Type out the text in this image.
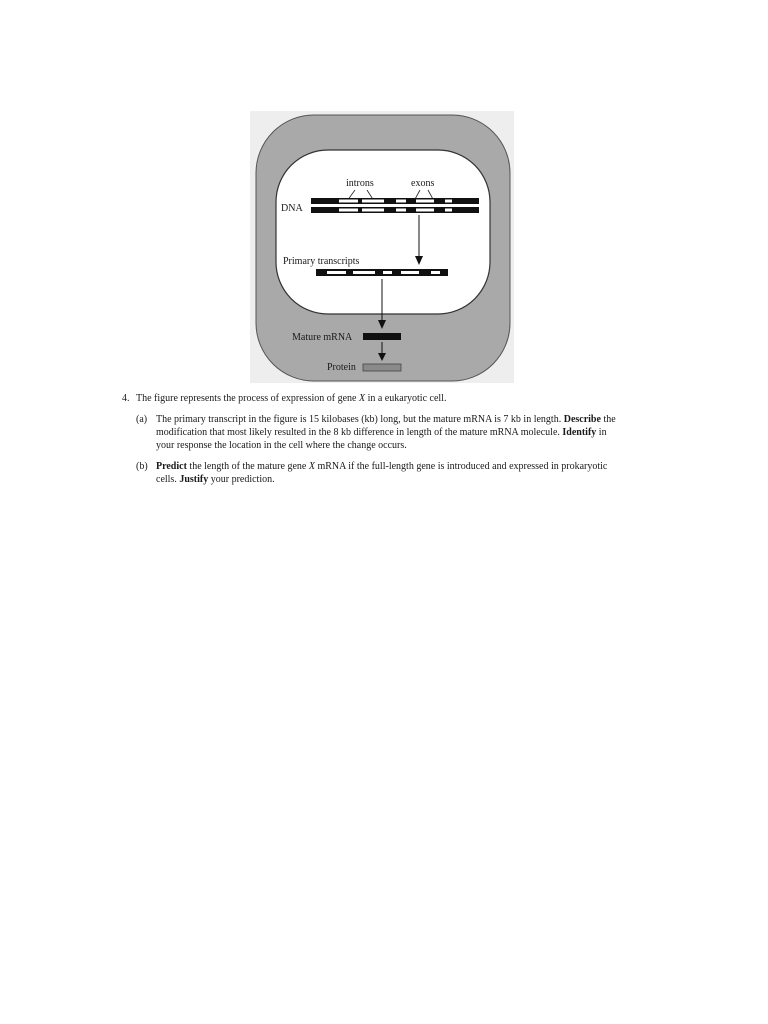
introns	exons
DNA
Primary transcripts
Mature mRNA
Protein
4. The figure represents the process of expression of gene X in a eukaryotic cell.
(a) The primary transcript in the figure is 15 kilobases (kb) long, but the mature mRNA is 7 kb in length. Describe the modification that most likely resulted in the 8 kb difference in length of the mature mRNA molecule. Identify in your response the location in the cell where the change occurs.
(b) Predict the length of the mature gene X mRNA if the full-length gene is introduced and expressed in prokaryotic cells. Justify your prediction.
